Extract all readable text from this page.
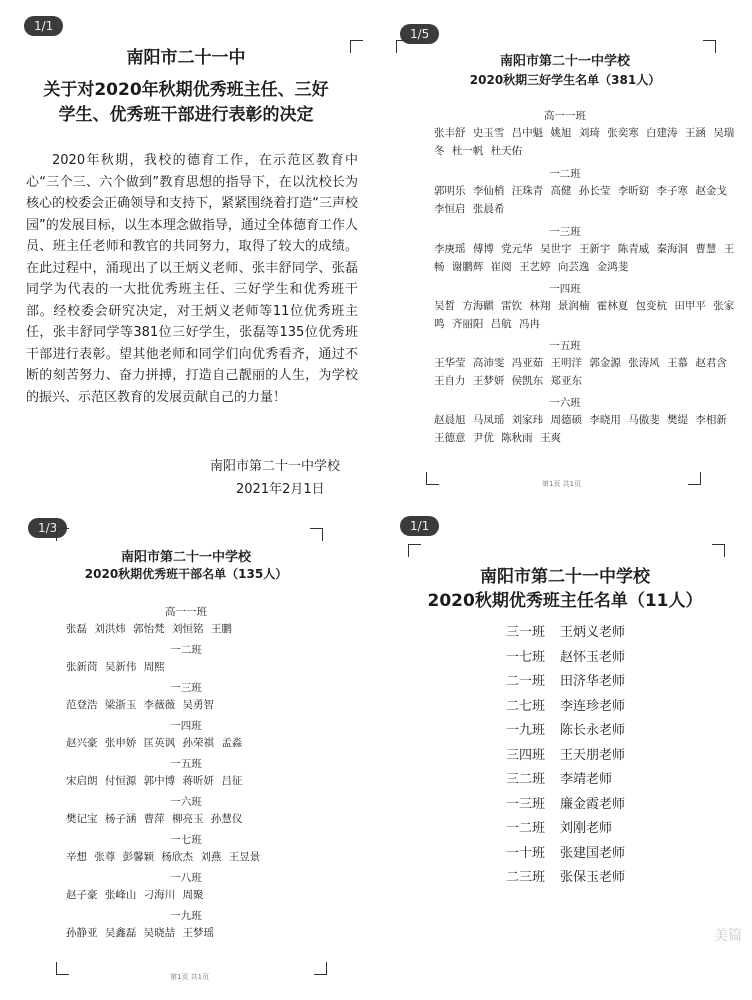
1/1
南阳市二十一中
关于对2020年秋期优秀班主任、三好
学生、优秀班干部进行表彰的决定
2020年秋期，我校的德育工作，在示范区教育中心“三个三、六个做到”教育思想的指导下，在以沈校长为核心的校委会正确领导和支持下，紧紧围绕着打造“三声校园”的发展目标，以生本理念做指导，通过全体德育工作人员、班主任老师和教官的共同努力，取得了较大的成绩。在此过程中，涌现出了以王炳义老师、张丰舒同学、张磊同学为代表的一大批优秀班主任、三好学生和优秀班干部。经校委会研究决定，对王炳义老师等11位优秀班主任，张丰舒同学等381位三好学生，张磊等135位优秀班干部进行表彰。望其他老师和同学们向优秀看齐，通过不断的刻苦努力、奋力拼搏，打造自己靓丽的人生，为学校的振兴、示范区教育的发展贡献自己的力量！
南阳市第二十一中学校
2021年2月1日
1/5
南阳市第二十一中学校
2020秋期三好学生名单（381人）
高一一班
张丰舒 史玉雪 吕中魁 姚旭 刘琦 张奕寒 白建涛 王涵 吴瑞冬 杜一帆 杜天佑
一二班
郭明乐 李仙梢 汪珠青 高健 孙长莹 李昕窈 李子寒 赵金戈 李恒启 张晨希
一三班
李庚瑶 傅博 党元华 吴世宇 王新宇 陈青威 秦海洞 曹慧 王畅 谢鹏辉 崔阅 王艺婷 向芸逸 金鸿斐
一四班
吴皙 方海麒 雷钦 林翔 景润楠 霍林夏 包变杭 田甲平 张家鸣 齐丽阳 吕航 冯冉
一五班
王华莹 高沛雯 冯亚茹 王明洋 郭金源 张涛风 王慕 赵君含 王自力 王梦妍 侯凯东 郑亚东
一六班
赵晨旭 马凤瑶 刘家玮 周德硕 李晓用 马傲斐 樊缇 李相新 王德意 尹优 陈秋雨 王爽
第1页 共1页
1/3
南阳市第二十一中学校
2020秋期优秀班干部名单（135人）
高一一班
张磊 刘洪炜 郭怡梵 刘恒铭 王鹏
一二班
张新茼 吴新伟 周熙
一三班
范登浩 梁浙玉 李薇薇 吴勇智
一四班
赵兴豪 张申娇 匡英讽 孙荣祺 孟淼
一五班
宋启朗 付恒源 郭中博 蒋昕妍 吕征
一六班
樊记宝 杨子涵 曹萍 柳亮玉 孙慧仪
一七班
辛想 张尊 彭馨颖 杨欣杰 刘燕 王昱景
一八班
赵子豪 张峰山 刁海川 周聚
一九班
孙静亚 吴鑫磊 吴晓喆 王梦瑶
第1页 共1页
1/1
南阳市第二十一中学校
2020秋期优秀班主任名单（11人）
三一班 王炳义老师
一七班 赵怀玉老师
二一班 田济华老师
二七班 李连珍老师
一九班 陈长永老师
三四班 王天朋老师
三二班 李靖老师
一三班 廉金霞老师
一二班 刘刚老师
一十班 张建国老师
二三班 张保玉老师
美篇
